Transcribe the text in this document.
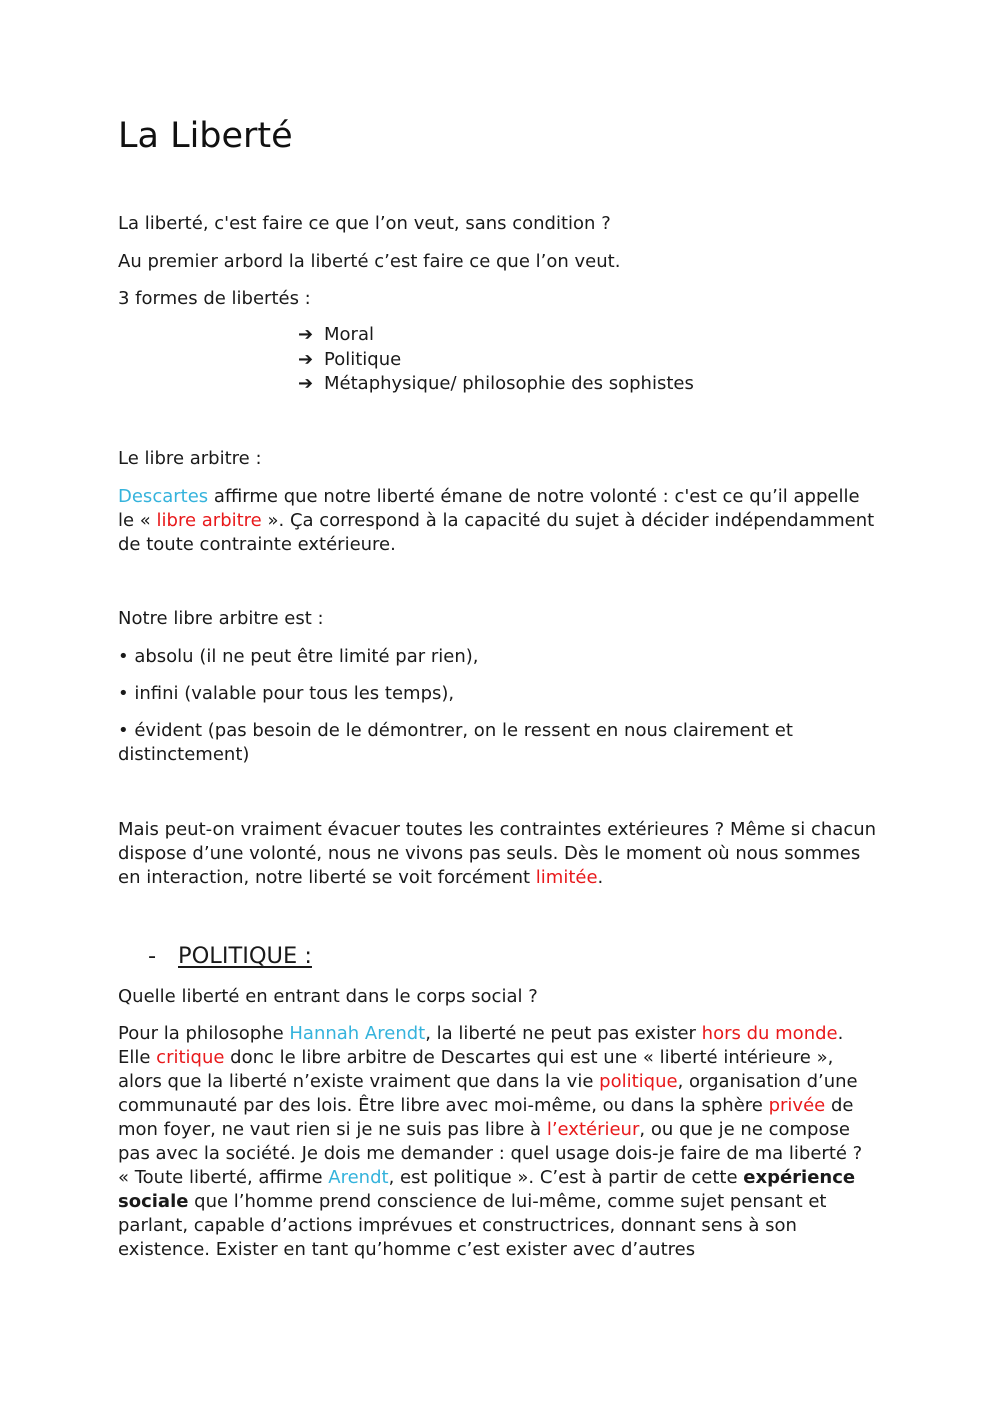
La Liberté

La liberté, c'est faire ce que l’on veut, sans condition ?

Au premier arbord la liberté c’est faire ce que l’on veut.

3 formes de libertés :

➔ Moral
➔ Politique
➔ Métaphysique/ philosophie des sophistes

Le libre arbitre :

Descartes affirme que notre liberté émane de notre volonté : c'est ce qu’il appelle le « libre arbitre ». Ça correspond à la capacité du sujet à décider indépendamment de toute contrainte extérieure.

Notre libre arbitre est :

• absolu (il ne peut être limité par rien),

• infini (valable pour tous les temps),

• évident (pas besoin de le démontrer, on le ressent en nous clairement et distinctement)

Mais peut-on vraiment évacuer toutes les contraintes extérieures ? Même si chacun dispose d’une volonté, nous ne vivons pas seuls. Dès le moment où nous sommes en interaction, notre liberté se voit forcément limitée.

- POLITIQUE :

Quelle liberté en entrant dans le corps social ?

Pour la philosophe Hannah Arendt, la liberté ne peut pas exister hors du monde. Elle critique donc le libre arbitre de Descartes qui est une « liberté intérieure », alors que la liberté n’existe vraiment que dans la vie politique, organisation d’une communauté par des lois. Être libre avec moi-même, ou dans la sphère privée de mon foyer, ne vaut rien si je ne suis pas libre à l’extérieur, ou que je ne compose pas avec la société. Je dois me demander : quel usage dois-je faire de ma liberté ? « Toute liberté, affirme Arendt, est politique ». C’est à partir de cette expérience sociale que l’homme prend conscience de lui-même, comme sujet pensant et parlant, capable d’actions imprévues et constructrices, donnant sens à son existence. Exister en tant qu’homme c’est exister avec d’autres
